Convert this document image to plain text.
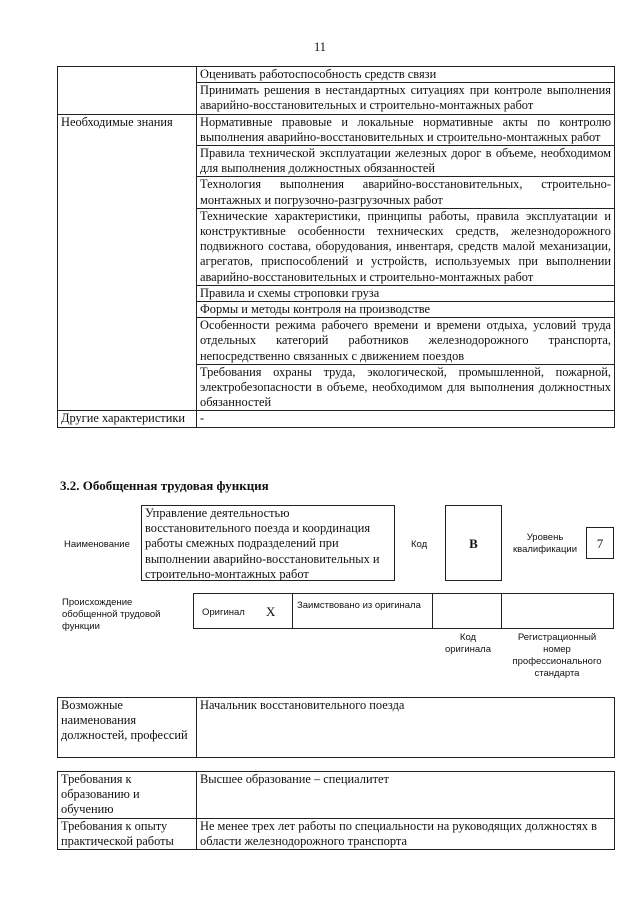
11
	Оценивать работоспособность средств связи
	Принимать решения в нестандартных ситуациях при контроле выполнения аварийно-восстановительных и строительно-монтажных работ
Необходимые знания	Нормативные правовые и локальные нормативные акты по контролю выполнения аварийно-восстановительных и строительно-монтажных работ
	Правила технической эксплуатации железных дорог в объеме, необходимом для выполнения должностных обязанностей
	Технология выполнения аварийно-восстановительных, строительно-монтажных и погрузочно-разгрузочных работ
	Технические характеристики, принципы работы, правила эксплуатации и конструктивные особенности технических средств, железнодорожного подвижного состава, оборудования, инвентаря, средств малой механизации, агрегатов, приспособлений и устройств, используемых при выполнении аварийно-восстановительных и строительно-монтажных работ
	Правила и схемы строповки груза
	Формы и методы контроля на производстве
	Особенности режима рабочего времени и времени отдыха, условий труда отдельных категорий работников железнодорожного транспорта, непосредственно связанных с движением поездов
	Требования охраны труда, экологической, промышленной, пожарной, электробезопасности в объеме, необходимом для выполнения должностных обязанностей
Другие характеристики	-
3.2. Обобщенная трудовая функция
Наименование
Управление деятельностью восстановительного поезда и координация работы смежных подразделений при выполнении аварийно-восстановительных и строительно-монтажных работ
Код	B	Уровень квалификации	7
Происхождение обобщенной трудовой функции
Оригинал X Заимствовано из оригинала
Код оригинала
Регистрационный номер профессионального стандарта
Возможные наименования должностей, профессий	Начальник восстановительного поезда
Требования к образованию и обучению	Высшее образование – специалитет
Требования к опыту практической работы	Не менее трех лет работы по специальности на руководящих должностях в области железнодорожного транспорта
